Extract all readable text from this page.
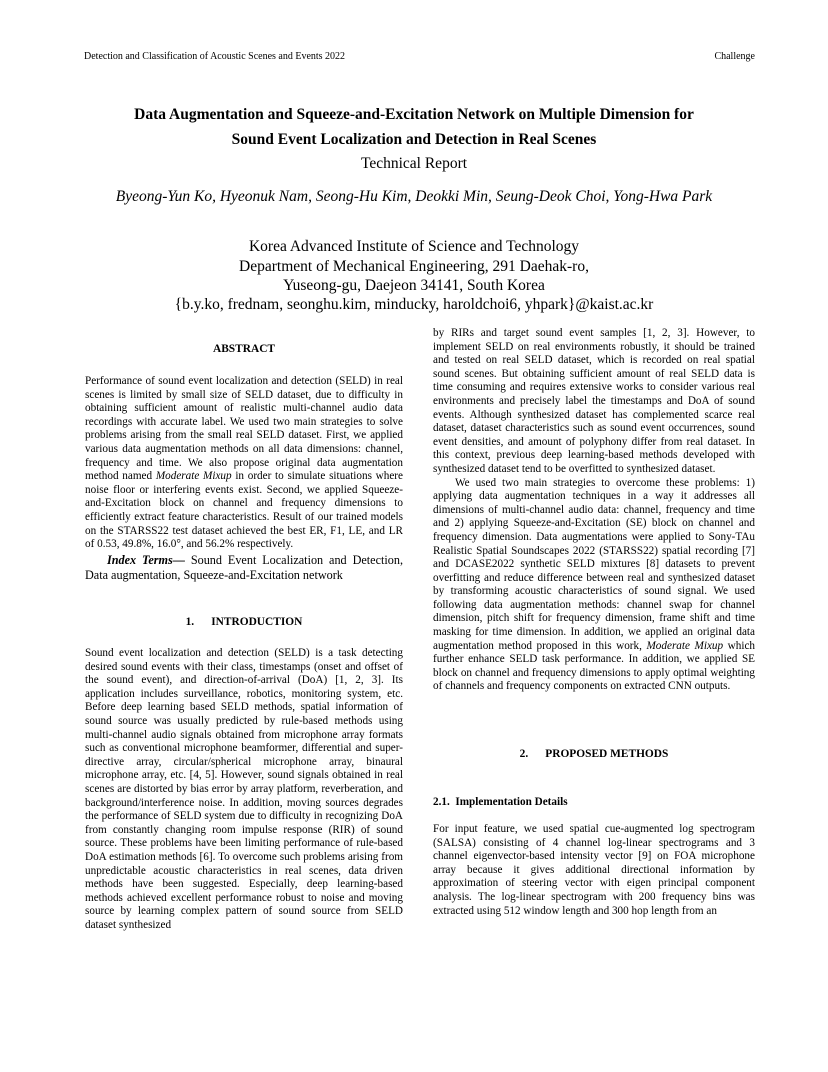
Detection and Classification of Acoustic Scenes and Events 2022	Challenge
Data Augmentation and Squeeze-and-Excitation Network on Multiple Dimension for
Sound Event Localization and Detection in Real Scenes
Technical Report
Byeong-Yun Ko, Hyeonuk Nam, Seong-Hu Kim, Deokki Min, Seung-Deok Choi, Yong-Hwa Park
Korea Advanced Institute of Science and Technology
Department of Mechanical Engineering, 291 Daehak-ro,
Yuseong-gu, Daejeon 34141, South Korea
{b.y.ko, frednam, seonghu.kim, minducky, haroldchoi6, yhpark}@kaist.ac.kr
ABSTRACT

Performance of sound event localization and detection (SELD) in real scenes is limited by small size of SELD dataset, due to difficulty in obtaining sufficient amount of realistic multi-channel audio data recordings with accurate label. We used two main strategies to solve problems arising from the small real SELD dataset. First, we applied various data augmentation methods on all data dimensions: channel, frequency and time. We also propose original data augmentation method named Moderate Mixup in order to simulate situations where noise floor or interfering events exist. Second, we applied Squeeze-and-Excitation block on channel and frequency dimensions to efficiently extract feature characteristics. Result of our trained models on the STARSS22 test dataset achieved the best ER, F1, LE, and LR of 0.53, 49.8%, 16.0°, and 56.2% respectively.

Index Terms— Sound Event Localization and Detection, Data augmentation, Squeeze-and-Excitation network

1.      INTRODUCTION

Sound event localization and detection (SELD) is a task detecting desired sound events with their class, timestamps (onset and offset of the sound event), and direction-of-arrival (DoA) [1, 2, 3]. Its application includes surveillance, robotics, monitoring system, etc. Before deep learning based SELD methods, spatial information of sound source was usually predicted by rule-based methods using multi-channel audio signals obtained from microphone array formats such as conventional microphone beamformer, differential and super-directive array, circular/spherical microphone array, binaural microphone array, etc. [4, 5]. However, sound signals obtained in real scenes are distorted by bias error by array platform, reverberation, and background/interference noise. In addition, moving sources degrades the performance of SELD system due to difficulty in recognizing DoA from constantly changing room impulse response (RIR) of sound source. These problems have been limiting performance of rule-based DoA estimation methods [6]. To overcome such problems arising from unpredictable acoustic characteristics in real scenes, data driven methods have been suggested. Especially, deep learning-based methods achieved excellent performance robust to noise and moving source by learning complex pattern of sound source from SELD dataset synthesized

by RIRs and target sound event samples [1, 2, 3]. However, to implement SELD on real environments robustly, it should be trained and tested on real SELD dataset, which is recorded on real spatial sound scenes. But obtaining sufficient amount of real SELD data is time consuming and requires extensive works to consider various real environments and precisely label the timestamps and DoA of sound events. Although synthesized dataset has complemented scarce real dataset, dataset characteristics such as sound event occurrences, sound event densities, and amount of polyphony differ from real dataset. In this context, previous deep learning-based methods developed with synthesized dataset tend to be overfitted to synthesized dataset.

We used two main strategies to overcome these problems: 1) applying data augmentation techniques in a way it addresses all dimensions of multi-channel audio data: channel, frequency and time and 2) applying Squeeze-and-Excitation (SE) block on channel and frequency dimension. Data augmentations were applied to Sony-TAu Realistic Spatial Soundscapes 2022 (STARSS22) spatial recording [7] and DCASE2022 synthetic SELD mixtures [8] datasets to prevent overfitting and reduce difference between real and synthesized dataset by transforming acoustic characteristics of sound signal. We used following data augmentation methods: channel swap for channel dimension, pitch shift for frequency dimension, frame shift and time masking for time dimension. In addition, we applied an original data augmentation method proposed in this work, Moderate Mixup which further enhance SELD task performance. In addition, we applied SE block on channel and frequency dimensions to apply optimal weighting of channels and frequency components on extracted CNN outputs.

2.      PROPOSED METHODS
2.1.  Implementation Details

For input feature, we used spatial cue-augmented log spectrogram (SALSA) consisting of 4 channel log-linear spectrograms and 3 channel eigenvector-based intensity vector [9] on FOA microphone array because it gives additional directional information by approximation of steering vector with eigen principal component analysis. The log-linear spectrogram with 200 frequency bins was extracted using 512 window length and 300 hop length from an
